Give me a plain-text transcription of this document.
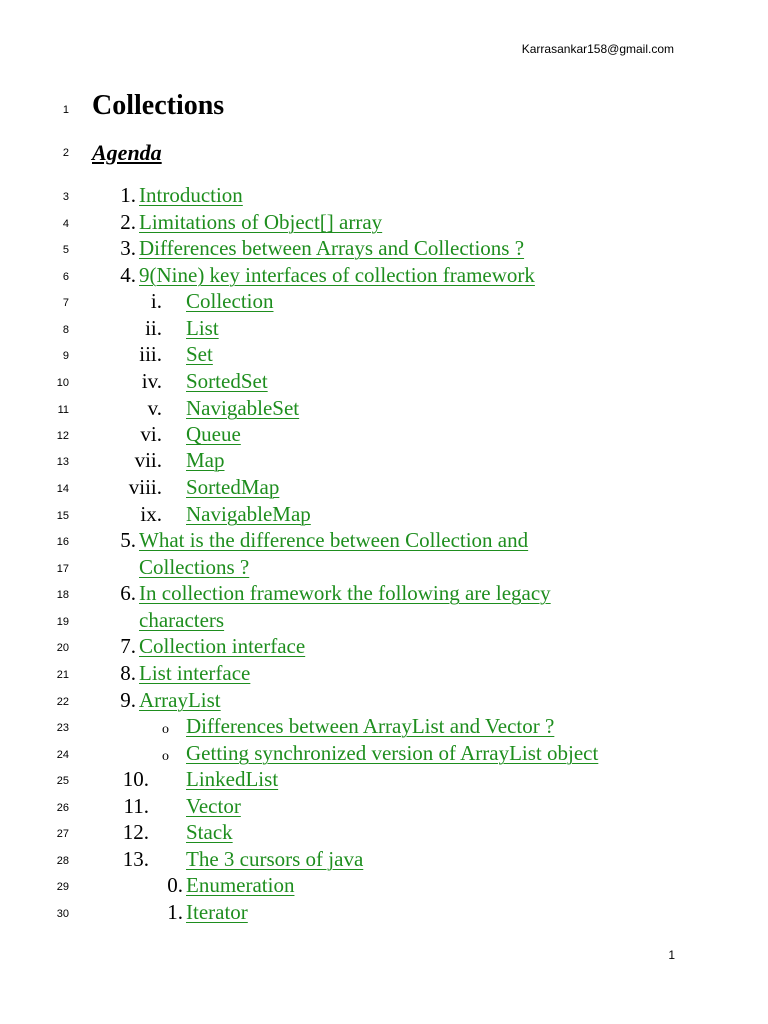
Karrasankar158@gmail.com
1 Collections
2 Agenda
3	1. Introduction
4	2. Limitations of Object[] array
5	3. Differences between Arrays and Collections ?
6	4. 9(Nine) key interfaces of collection framework
7	i. Collection
8	ii. List
9	iii. Set
10	iv. SortedSet
11	v. NavigableSet
12	vi. Queue
13	vii. Map
14	viii. SortedMap
15	ix. NavigableMap
16	5. What is the difference between Collection and
17	Collections ?
18	6. In collection framework the following are legacy
19	characters
20	7. Collection interface
21	8. List interface
22	9. ArrayList
23	o Differences between ArrayList and Vector ?
24	o Getting synchronized version of ArrayList object
25	10. LinkedList
26	11. Vector
27	12. Stack
28	13. The 3 cursors of java
29	0. Enumeration
30	1. Iterator
1
